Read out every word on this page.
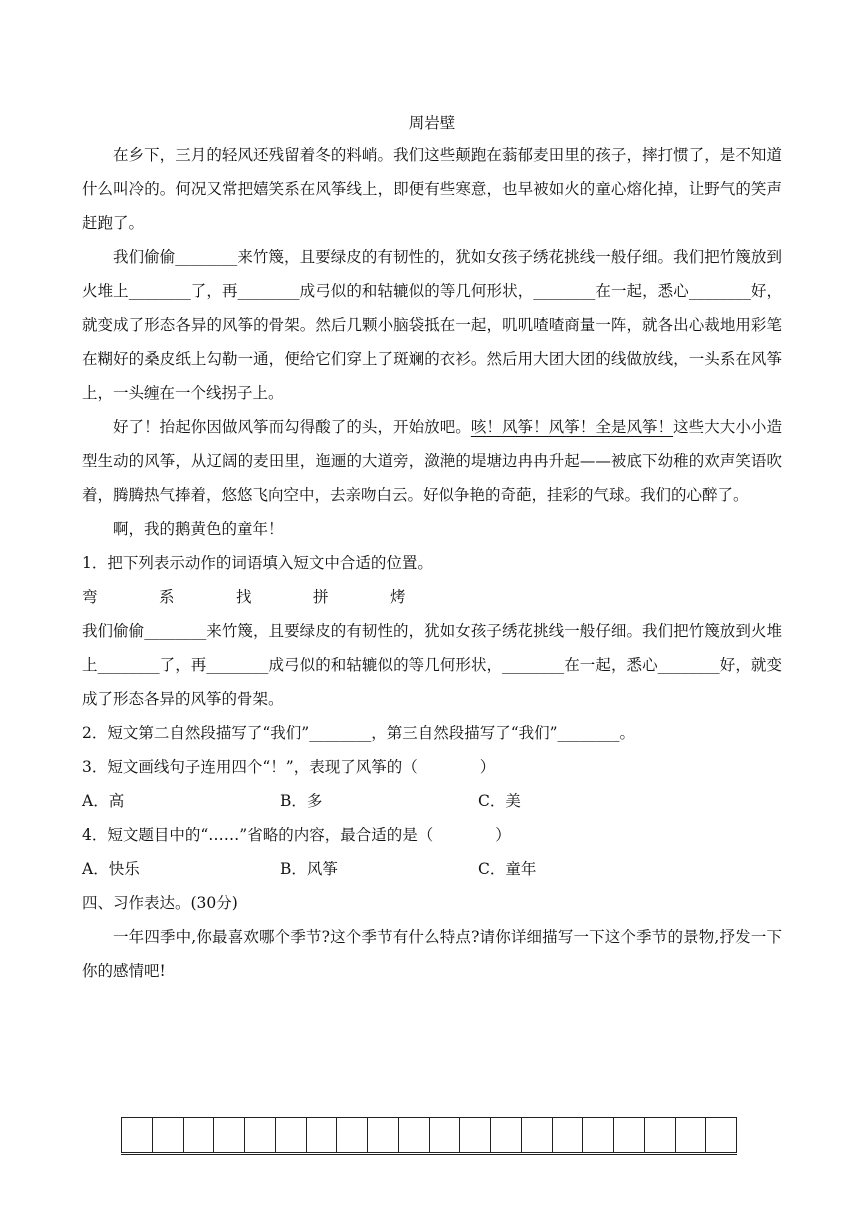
周岩壁

在乡下，三月的轻风还残留着冬的料峭。我们这些颠跑在蓊郁麦田里的孩子，摔打惯了，是不知道什么叫冷的。何况又常把嬉笑系在风筝线上，即便有些寒意，也早被如火的童心熔化掉，让野气的笑声赶跑了。

我们偷偷________来竹篾，且要绿皮的有韧性的，犹如女孩子绣花挑线一般仔细。我们把竹篾放到火堆上________了，再________成弓似的和轱辘似的等几何形状，________在一起，悉心________好，就变成了形态各异的风筝的骨架。然后几颗小脑袋抵在一起，叽叽喳喳商量一阵，就各出心裁地用彩笔在糊好的桑皮纸上勾勒一通，便给它们穿上了斑斓的衣衫。然后用大团大团的线做放线，一头系在风筝上，一头缠在一个线拐子上。

好了！抬起你因做风筝而勾得酸了的头，开始放吧。咳！风筝！风筝！全是风筝！这些大大小小造型生动的风筝，从辽阔的麦田里，迤逦的大道旁，潋滟的堤塘边冉冉升起——被底下幼稚的欢声笑语吹着，腾腾热气捧着，悠悠飞向空中，去亲吻白云。好似争艳的奇葩，挂彩的气球。我们的心醉了。

啊，我的鹅黄色的童年！

1．把下列表示动作的词语填入短文中合适的位置。

弯	系	找	拼	烤

我们偷偷________来竹篾，且要绿皮的有韧性的，犹如女孩子绣花挑线一般仔细。我们把竹篾放到火堆上________了，再________成弓似的和轱辘似的等几何形状，________在一起，悉心________好，就变成了形态各异的风筝的骨架。

2．短文第二自然段描写了“我们”________，第三自然段描写了“我们”________。

3．短文画线句子连用四个“！”，表现了风筝的（　　　　）

A．高	B．多	C．美

4．短文题目中的“……”省略的内容，最合适的是（　　　　）

A．快乐	B．风筝	C．童年

四、习作表达。(30分)

一年四季中,你最喜欢哪个季节?这个季节有什么特点?请你详细描写一下这个季节的景物,抒发一下你的感情吧!
